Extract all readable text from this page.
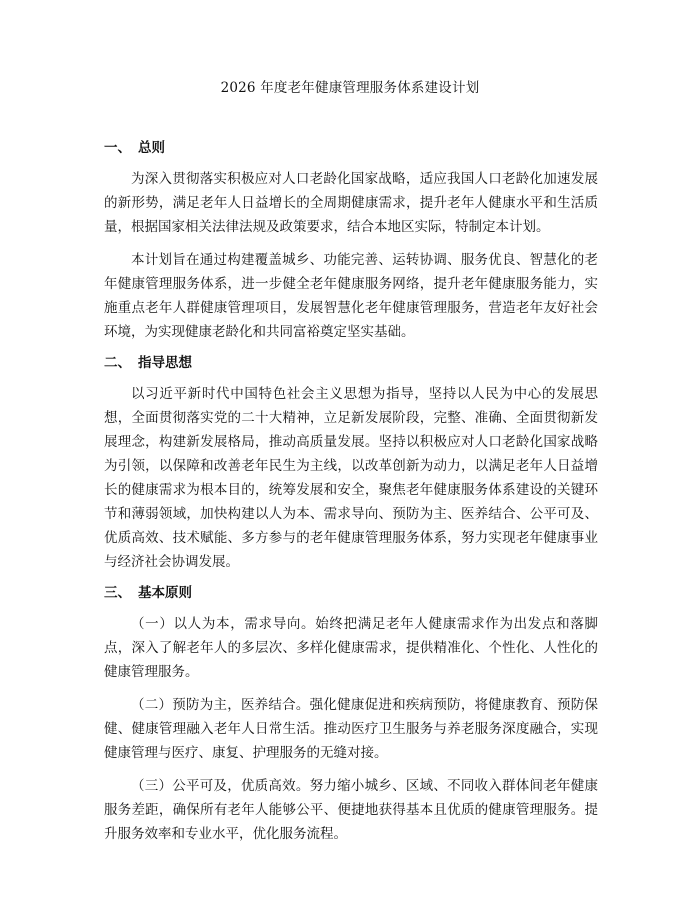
2026 年度老年健康管理服务体系建设计划
一、 总则

为深入贯彻落实积极应对人口老龄化国家战略，适应我国人口老龄化加速发展的新形势，满足老年人日益增长的全周期健康需求，提升老年人健康水平和生活质量，根据国家相关法律法规及政策要求，结合本地区实际，特制定本计划。

本计划旨在通过构建覆盖城乡、功能完善、运转协调、服务优良、智慧化的老年健康管理服务体系，进一步健全老年健康服务网络，提升老年健康服务能力，实施重点老年人群健康管理项目，发展智慧化老年健康管理服务，营造老年友好社会环境，为实现健康老龄化和共同富裕奠定坚实基础。

二、 指导思想

以习近平新时代中国特色社会主义思想为指导，坚持以人民为中心的发展思想，全面贯彻落实党的二十大精神，立足新发展阶段，完整、准确、全面贯彻新发展理念，构建新发展格局，推动高质量发展。坚持以积极应对人口老龄化国家战略为引领，以保障和改善老年民生为主线，以改革创新为动力，以满足老年人日益增长的健康需求为根本目的，统筹发展和安全，聚焦老年健康服务体系建设的关键环节和薄弱领域，加快构建以人为本、需求导向、预防为主、医养结合、公平可及、优质高效、技术赋能、多方参与的老年健康管理服务体系，努力实现老年健康事业与经济社会协调发展。

三、 基本原则

（一）以人为本，需求导向。始终把满足老年人健康需求作为出发点和落脚点，深入了解老年人的多层次、多样化健康需求，提供精准化、个性化、人性化的健康管理服务。

（二）预防为主，医养结合。强化健康促进和疾病预防，将健康教育、预防保健、健康管理融入老年人日常生活。推动医疗卫生服务与养老服务深度融合，实现健康管理与医疗、康复、护理服务的无缝对接。

（三）公平可及，优质高效。努力缩小城乡、区域、不同收入群体间老年健康服务差距，确保所有老年人能够公平、便捷地获得基本且优质的健康管理服务。提升服务效率和专业水平，优化服务流程。
